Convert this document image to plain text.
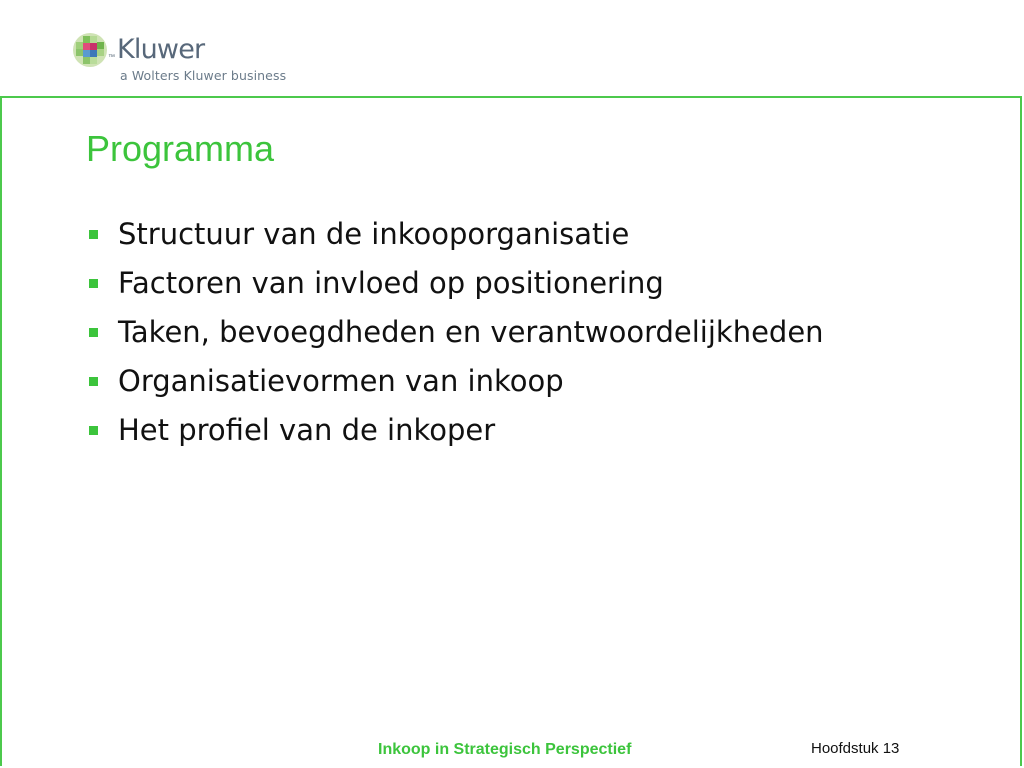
™ Kluwer
a Wolters Kluwer business
Programma
Structuur van de inkooporganisatie
Factoren van invloed op positionering
Taken, bevoegdheden en verantwoordelijkheden
Organisatievormen van inkoop
Het profiel van de inkoper
Inkoop in Strategisch Perspectief	Hoofdstuk 13
